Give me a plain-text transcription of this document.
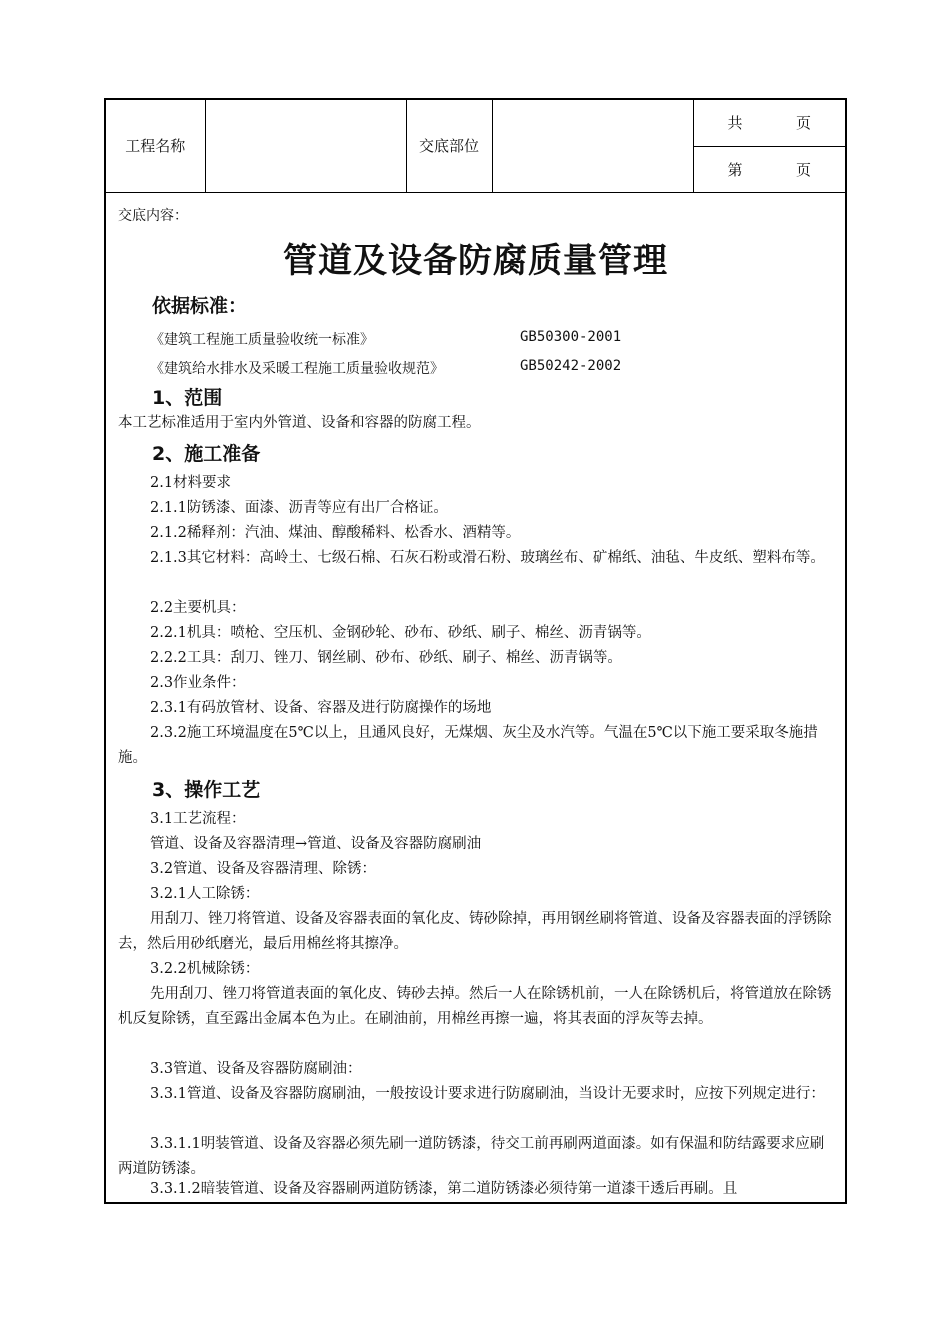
工程名称		交底部位		
共	页

第	页
交底内容：
管道及设备防腐质量管理
依据标准：
《建筑工程施工质量验收统一标准》	GB50300-2001
《建筑给水排水及采暖工程施工质量验收规范》	GB50242-2002
1、范围
本工艺标准适用于室内外管道、设备和容器的防腐工程。
2、施工准备
2.1材料要求
2.1.1防锈漆、面漆、沥青等应有出厂合格证。
2.1.2稀释剂：汽油、煤油、醇酸稀料、松香水、酒精等。
2.1.3其它材料：高岭土、七级石棉、石灰石粉或滑石粉、玻璃丝布、矿棉纸、油毡、牛皮纸、塑料布等。
2.2主要机具：
2.2.1机具：喷枪、空压机、金钢砂轮、砂布、砂纸、刷子、棉丝、沥青锅等。
2.2.2工具：刮刀、锉刀、钢丝刷、砂布、砂纸、刷子、棉丝、沥青锅等。
2.3作业条件：
2.3.1有码放管材、设备、容器及进行防腐操作的场地
2.3.2施工环境温度在5℃以上，且通风良好，无煤烟、灰尘及水汽等。气温在5℃以下施工要采取冬施措施。
3、操作工艺
3.1工艺流程：
管道、设备及容器清理→管道、设备及容器防腐刷油
3.2管道、设备及容器清理、除锈：
3.2.1人工除锈：
用刮刀、锉刀将管道、设备及容器表面的氧化皮、铸砂除掉，再用钢丝刷将管道、设备及容器表面的浮锈除去，然后用砂纸磨光，最后用棉丝将其擦净。
3.2.2机械除锈：
先用刮刀、锉刀将管道表面的氧化皮、铸砂去掉。然后一人在除锈机前，一人在除锈机后，将管道放在除锈机反复除锈，直至露出金属本色为止。在刷油前，用棉丝再擦一遍，将其表面的浮灰等去掉。
3.3管道、设备及容器防腐刷油：
3.3.1管道、设备及容器防腐刷油，一般按设计要求进行防腐刷油，当设计无要求时，应按下列规定进行：
3.3.1.1明装管道、设备及容器必须先刷一道防锈漆，待交工前再刷两道面漆。如有保温和防结露要求应刷两道防锈漆。
3.3.1.2暗装管道、设备及容器刷两道防锈漆，第二道防锈漆必须待第一道漆干透后再刷。且
